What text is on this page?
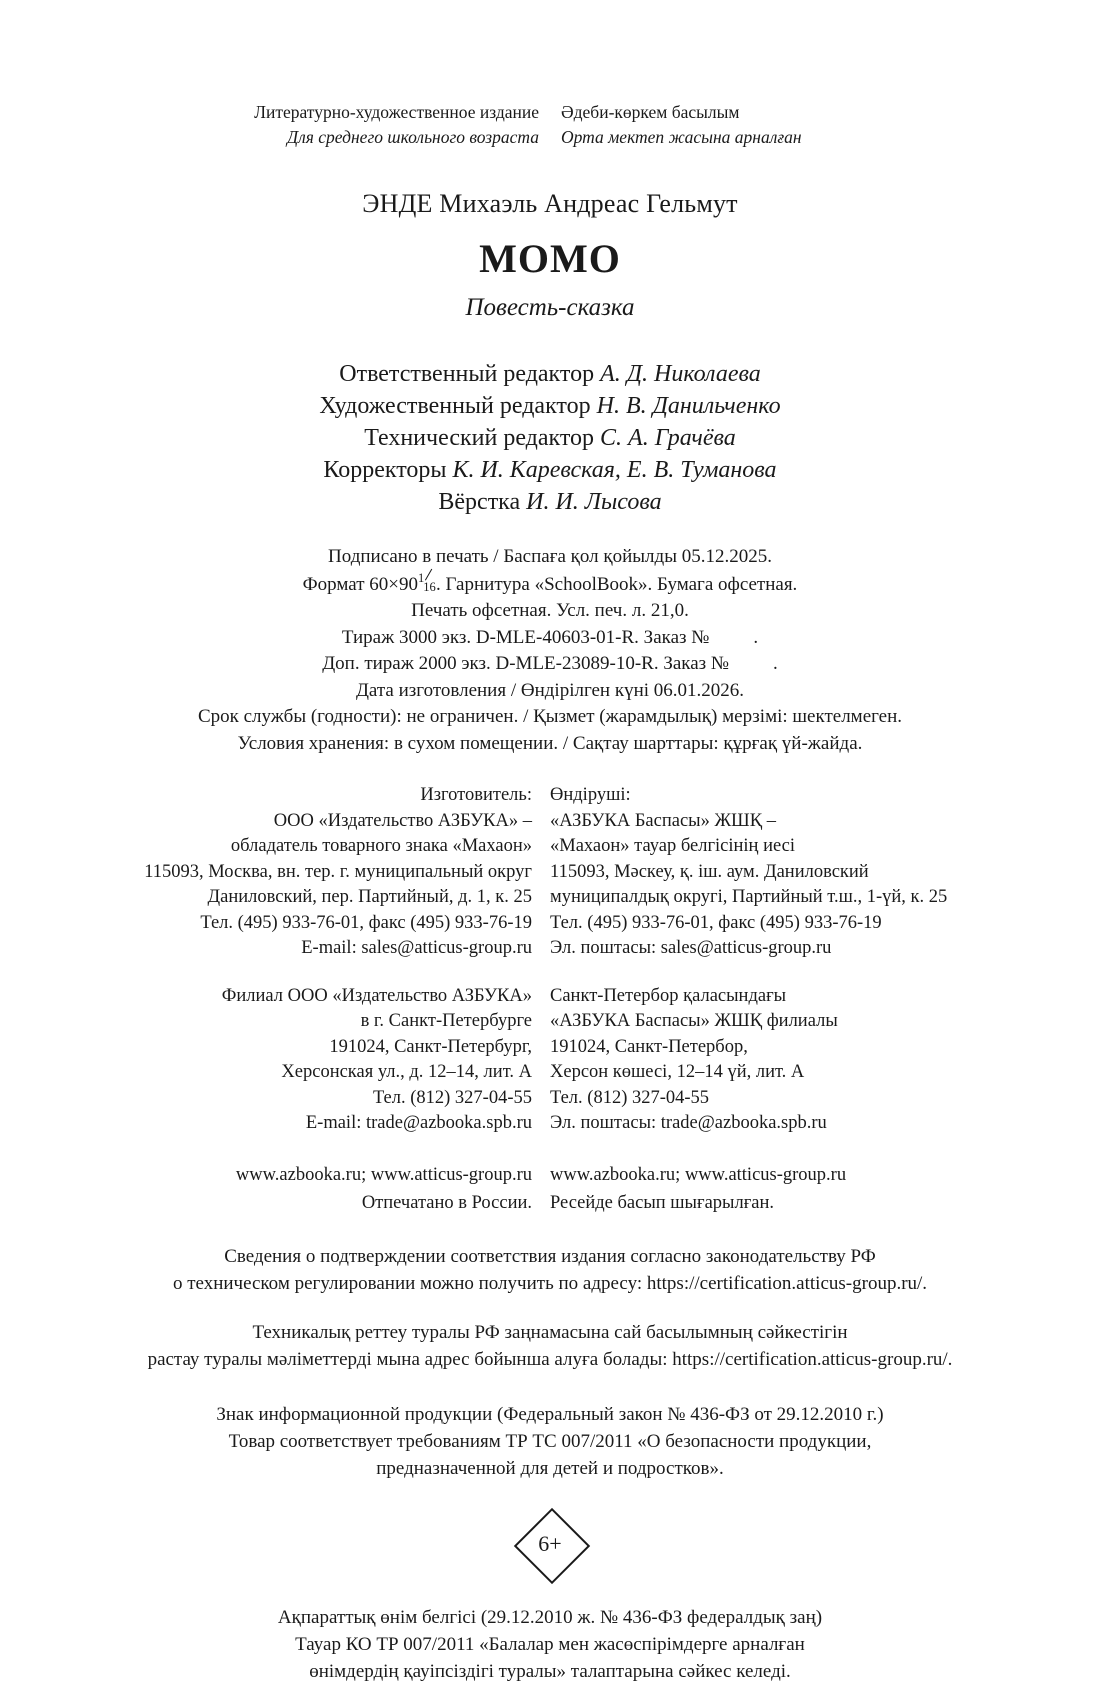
Литературно-художественное издание
Для среднего школьного возраста
Әдеби-көркем басылым
Орта мектеп жасына арналған
ЭНДЕ Михаэль Андреас Гельмут
МОМО
Повесть-сказка
Ответственный редактор А. Д. Николаева
Художественный редактор Н. В. Данильченко
Технический редактор С. А. Грачёва
Корректоры К. И. Каревская, Е. В. Туманова
Вёрстка И. И. Лысова
Подписано в печать / Баспаға қол қойылды 05.12.2025.
Формат 60×90 1
16 . Гарнитура «SchoolBook». Бумага офсетная.
Печать офсетная. Усл. печ. л. 21,0.
Тираж 3000 экз. D-MLE-40603-01-R. Заказ № .
Доп. тираж 2000 экз. D-MLE-23089-10-R. Заказ № .
Дата изготовления / Өндірілген күні 06.01.2026.
Срок службы (годности): не ограничен. / Қызмет (жарамдылық) мерзімі: шектелмеген.
Условия хранения: в сухом помещении. / Сақтау шарттары: құрғақ үй-жайда.
Изготовитель:
ООО «Издательство АЗБУКА» –
обладатель товарного знака «Махаон»
115093, Москва, вн. тер. г. муниципальный округ
Даниловский, пер. Партийный, д. 1, к. 25
Тел. (495) 933-76-01, факс (495) 933-76-19
E-mail: sales@atticus-group.ru
Өндіруші:
«АЗБУКА Баспасы» ЖШҚ –
«Махаон» тауар белгісінің иесі
115093, Мәскеу, қ. іш. аум. Даниловский
муниципалдық округі, Партийный т.ш., 1-үй, к. 25
Тел. (495) 933-76-01, факс (495) 933-76-19
Эл. поштасы: sales@atticus-group.ru
Филиал ООО «Издательство АЗБУКА»
в г. Санкт-Петербурге
191024, Санкт-Петербург,
Херсонская ул., д. 12–14, лит. А
Тел. (812) 327-04-55
E-mail: trade@azbooka.spb.ru
Санкт-Петербор қаласындағы
«АЗБУКА Баспасы» ЖШҚ филиалы
191024, Санкт-Петербор,
Херсон көшесі, 12–14 үй, лит. А
Тел. (812) 327-04-55
Эл. поштасы: trade@azbooka.spb.ru
www.azbooka.ru; www.atticus-group.ru
Отпечатано в России.
www.azbooka.ru; www.atticus-group.ru
Ресейде басып шығарылған.
Сведения о подтверждении соответствия издания согласно законодательству РФ
о техническом регулировании можно получить по адресу: https://certification.atticus-group.ru/.
Техникалық реттеу туралы РФ заңнамасына сай басылымның сәйкестігін
растау туралы мәліметтерді мына адрес бойынша алуға болады: https://certification.atticus-group.ru/.
Знак информационной продукции (Федеральный закон № 436-ФЗ от 29.12.2010 г.)
Товар соответствует требованиям ТР ТС 007/2011 «О безопасности продукции,
предназначенной для детей и подростков».
6+
Ақпараттық өнім белгісі (29.12.2010 ж. № 436-ФЗ федералдық заң)
Тауар КО ТР 007/2011 «Балалар мен жасөспірімдерге арналған
өнімдердің қауіпсіздігі туралы» талаптарына сәйкес келеді.
